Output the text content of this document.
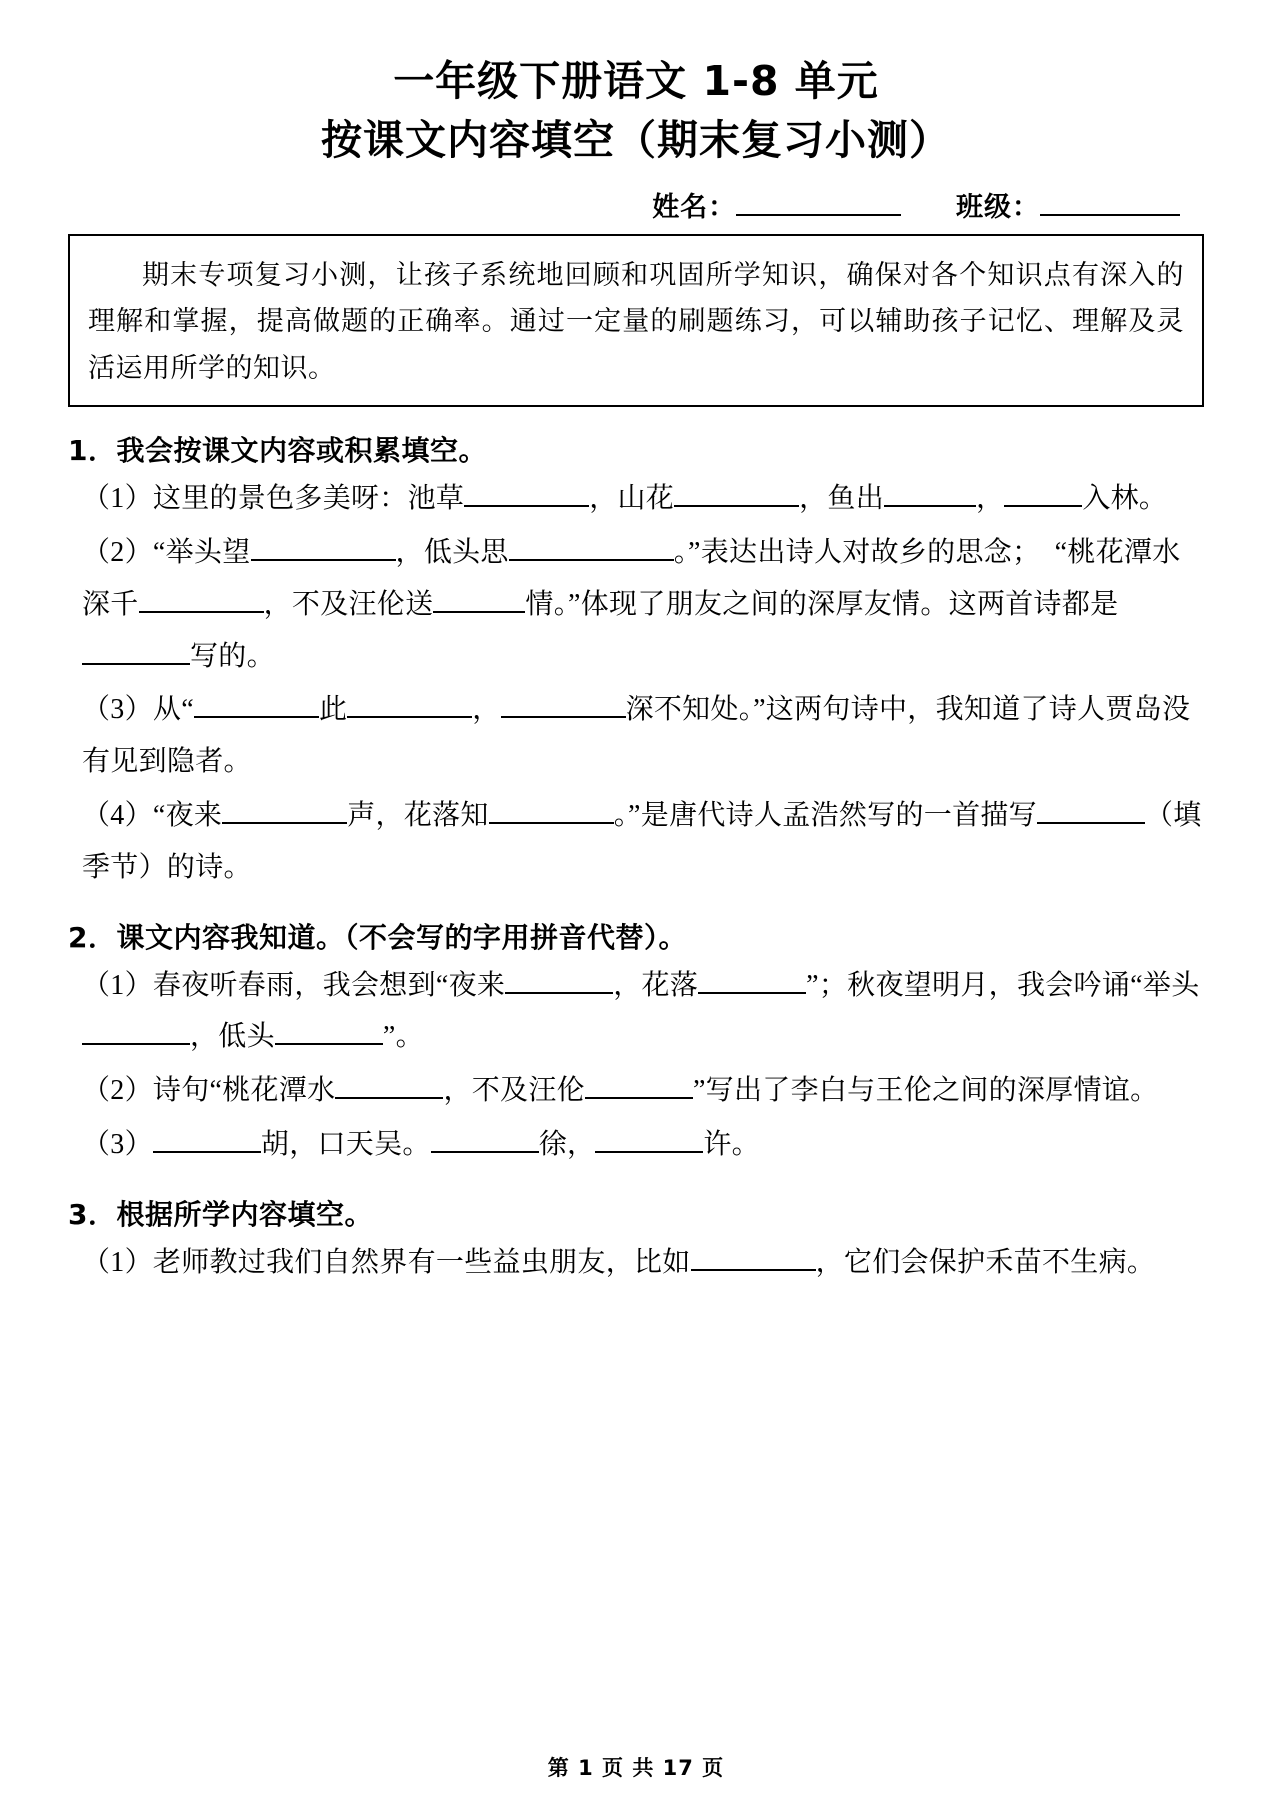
一年级下册语文 1-8 单元
按课文内容填空（期末复习小测）
姓名：	班级：

期末专项复习小测，让孩子系统地回顾和巩固所学知识，确保对各个知识点有深入的理解和掌握，提高做题的正确率。通过一定量的刷题练习，可以辅助孩子记忆、理解及灵活运用所学的知识。

1．我会按课文内容或积累填空。
（1）这里的景色多美呀：池草	，山花	，鱼出	，	入林。
（2）“举头望	，低头思	。”表达出诗人对故乡的思念；　“桃花潭水深千	，不及汪伦送	情。”体现了朋友之间的深厚友情。这两首诗都是写的。
（3）从“	此	，	深不知处。”这两句诗中，我知道了诗人贾岛没有见到隐者。
（4）“夜来	声，花落知	。”是唐代诗人孟浩然写的一首描写	（填季节）的诗。
2．课文内容我知道。（不会写的字用拼音代替）。
（1）春夜听春雨，我会想到“夜来	，花落	”；秋夜望明月，我会吟诵“举头，低头	”。
（2）诗句“桃花潭水	，不及汪伦	”写出了李白与王伦之间的深厚情谊。
（3）	胡，口天吴。	徐，	许。
3．根据所学内容填空。
（1）老师教过我们自然界有一些益虫朋友，比如	，它们会保护禾苗不生病。
第 1 页 共 17 页
